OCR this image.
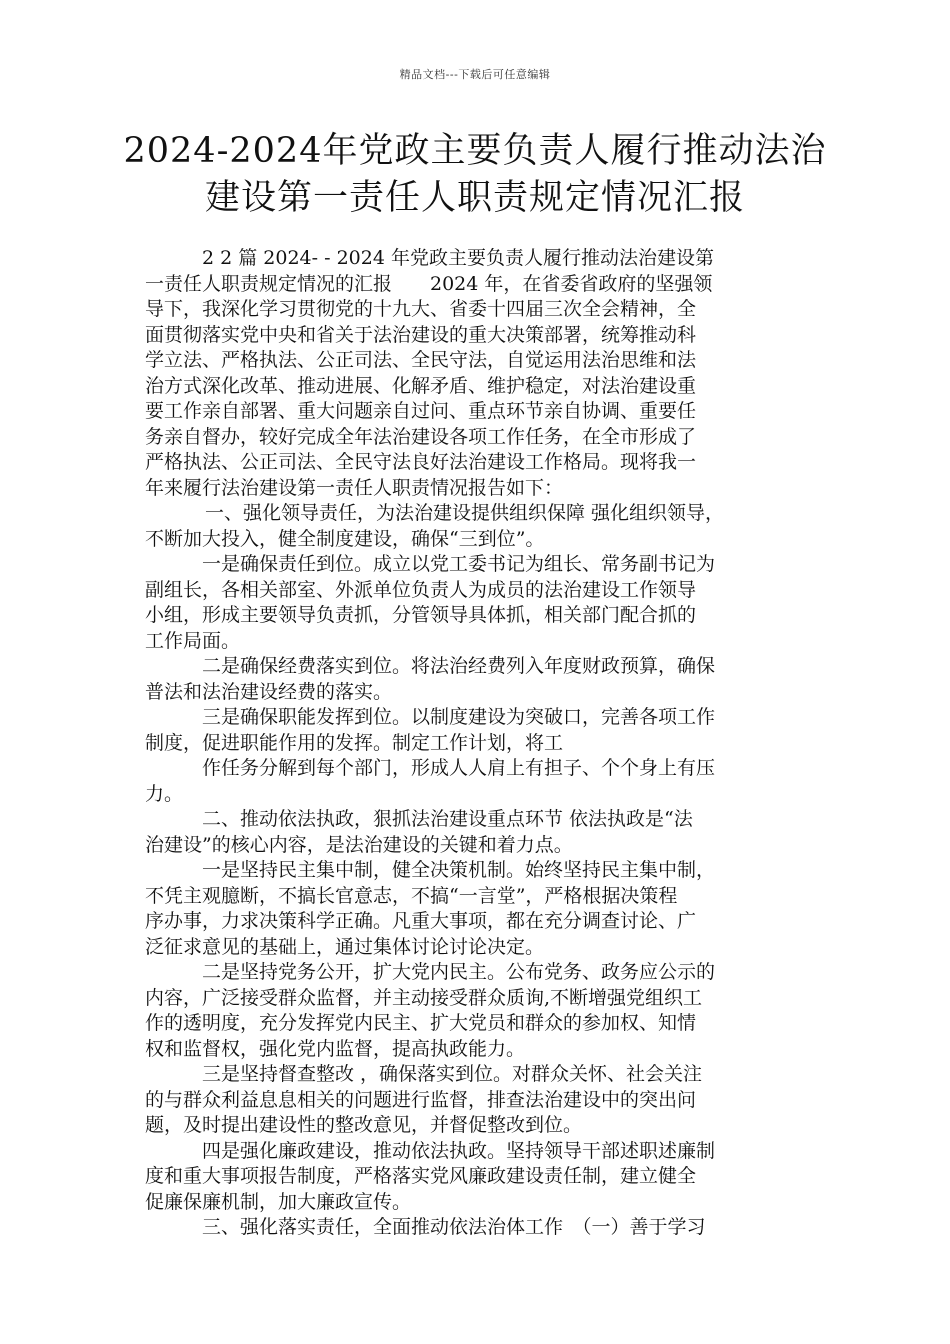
精品文档---下载后可任意编辑
2024-2024年党政主要负责人履行推动法治
建设第一责任人职责规定情况汇报
2 2 篇 2024- - 2024 年党政主要负责人履行推动法治建设第
一责任人职责规定情况的汇报　　2024 年，在省委省政府的坚强领
导下，我深化学习贯彻党的十九大、省委十四届三次全会精神，全
面贯彻落实党中央和省关于法治建设的重大决策部署，统筹推动科
学立法、严格执法、公正司法、全民守法，自觉运用法治思维和法
治方式深化改革、推动进展、化解矛盾、维护稳定，对法治建设重
要工作亲自部署、重大问题亲自过问、重点环节亲自协调、重要任
务亲自督办，较好完成全年法治建设各项工作任务，在全市形成了
严格执法、公正司法、全民守法良好法治建设工作格局。现将我一
年来履行法治建设第一责任人职责情况报告如下：
一、强化领导责任，为法治建设提供组织保障 强化组织领导，
不断加大投入，健全制度建设，确保“三到位”。
一是确保责任到位。成立以党工委书记为组长、常务副书记为
副组长，各相关部室、外派单位负责人为成员的法治建设工作领导
小组，形成主要领导负责抓，分管领导具体抓，相关部门配合抓的
工作局面。
二是确保经费落实到位。将法治经费列入年度财政预算，确保
普法和法治建设经费的落实。
三是确保职能发挥到位。以制度建设为突破口，完善各项工作
制度，促进职能作用的发挥。制定工作计划，将工
作任务分解到每个部门，形成人人肩上有担子、个个身上有压
力。
二、推动依法执政，狠抓法治建设重点环节 依法执政是“法
治建设”的核心内容，是法治建设的关键和着力点。
一是坚持民主集中制，健全决策机制。始终坚持民主集中制，
不凭主观臆断，不搞长官意志，不搞“一言堂”，严格根据决策程
序办事，力求决策科学正确。凡重大事项，都在充分调查讨论、广
泛征求意见的基础上，通过集体讨论讨论决定。
二是坚持党务公开，扩大党内民主。公布党务、政务应公示的
内容，广泛接受群众监督，并主动接受群众质询,不断增强党组织工
作的透明度，充分发挥党内民主、扩大党员和群众的参加权、知情
权和监督权，强化党内监督，提高执政能力。
三是坚持督查整改 ，确保落实到位。对群众关怀、社会关注
的与群众利益息息相关的问题进行监督，排查法治建设中的突出问
题，及时提出建设性的整改意见，并督促整改到位。
四是强化廉政建设，推动依法执政。坚持领导干部述职述廉制
度和重大事项报告制度，严格落实党风廉政建设责任制，建立健全
促廉保廉机制，加大廉政宣传。
三、强化落实责任，全面推动依法治体工作　（一）善于学习
